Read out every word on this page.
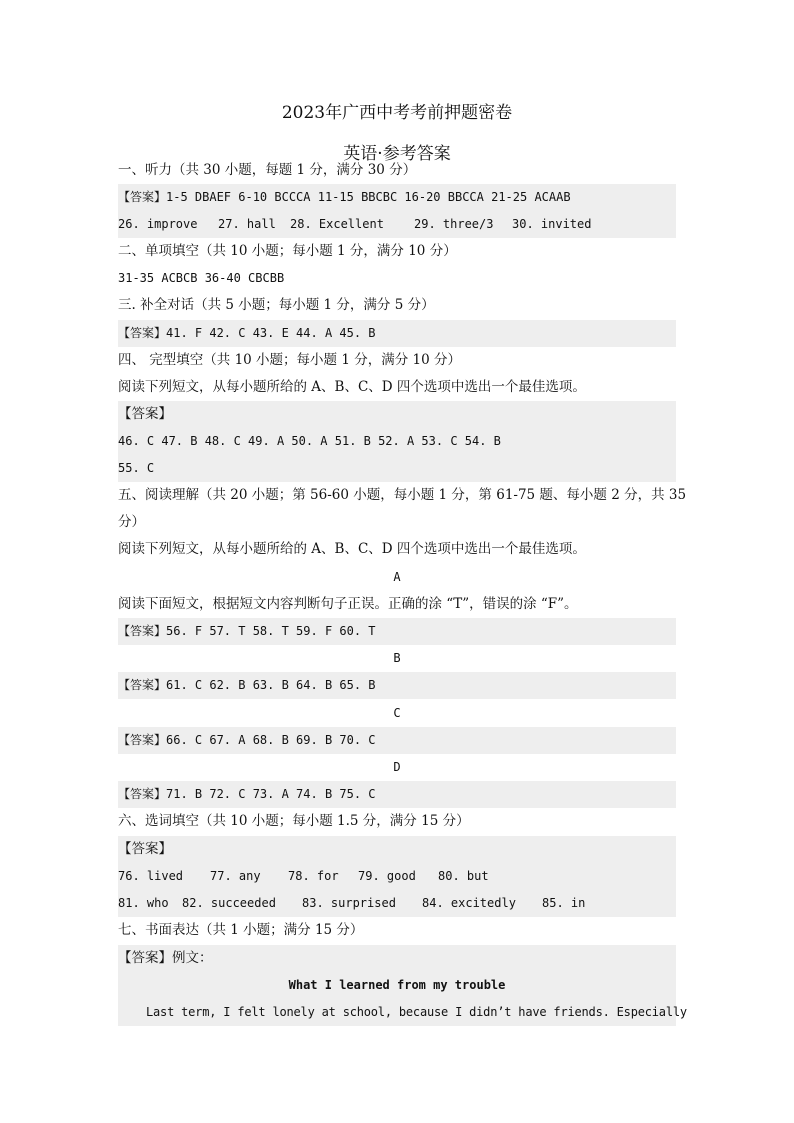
2023年广西中考考前押题密卷
英语·参考答案
一、听力（共 30 小题，每题 1 分，满分 30 分）
【答案】1-5 DBAEF 6-10 BCCCA 11-15 BBCBC 16-20 BBCCA 21-25 ACAAB
26. improve 27. hall 28. Excellent	29. three/3 30. invited
二、单项填空（共 10 小题；每小题 1 分，满分 10 分）
31-35 ACBCB 36-40 CBCBB
三. 补全对话（共 5 小题；每小题 1 分，满分 5 分）
【答案】41. F 42. C 43. E 44. A 45. B
四、 完型填空（共 10 小题；每小题 1 分，满分 10 分）
阅读下列短文，从每小题所给的 A、B、C、D 四个选项中选出一个最佳选项。
【答案】
46. C 47. B 48. C 49. A 50. A 51. B 52. A 53. C 54. B
55. C
五、阅读理解（共 20 小题；第 56-60 小题，每小题 1 分，第 61-75 题、每小题 2 分，共 35
分）
阅读下列短文，从每小题所给的 A、B、C、D 四个选项中选出一个最佳选项。
A
阅读下面短文，根据短文内容判断句子正误。正确的涂 “T”，错误的涂 “F”。
【答案】56. F 57. T 58. T 59. F 60. T
B
【答案】61. C 62. B 63. B 64. B 65. B
C
【答案】66. C 67. A 68. B 69. B 70. C
D
【答案】71. B 72. C 73. A 74. B 75. C
六、选词填空（共 10 小题；每小题 1.5 分，满分 15 分）
【答案】
76. lived 77. any 78. for 79. good 80. but
81. who 82. succeeded 83. surprised 84. excitedly 85. in
七、书面表达（共 1 小题；满分 15 分）
【答案】例文：
What I learned from my trouble
Last term, I felt lonely at school, because I didn’t have friends. Especially
